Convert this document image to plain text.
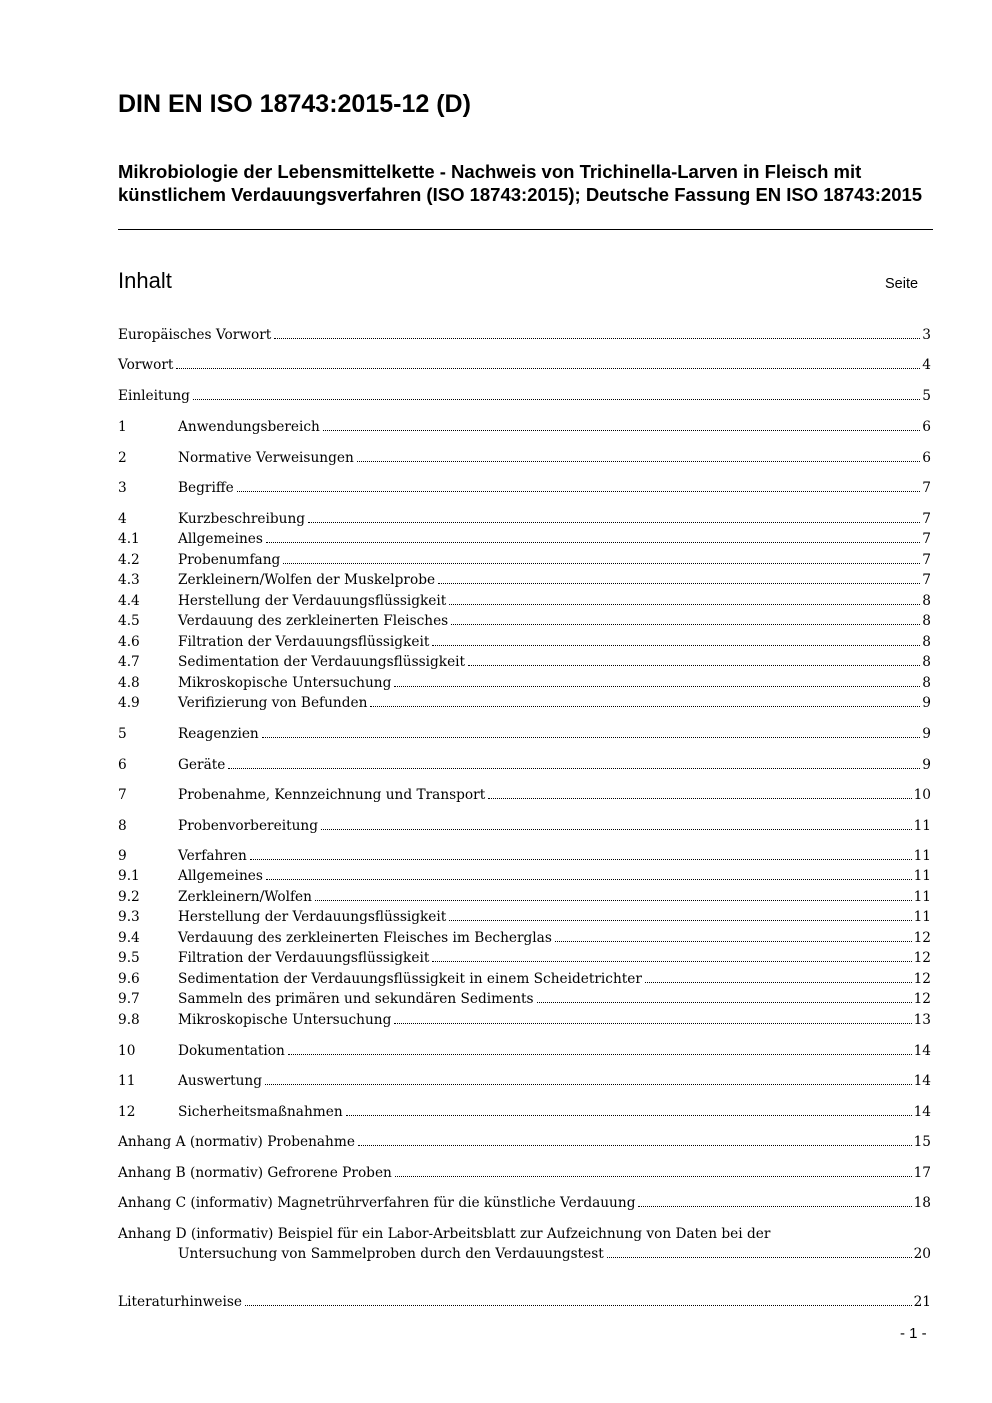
DIN EN ISO 18743:2015-12 (D)

Mikrobiologie der Lebensmittelkette - Nachweis von Trichinella-Larven in Fleisch mit künstlichem Verdauungsverfahren (ISO 18743:2015); Deutsche Fassung EN ISO 18743:2015

Inhalt	Seite
Europäisches Vorwort	3
Vorwort	4
Einleitung	5
1	Anwendungsbereich	6
2	Normative Verweisungen	6
3	Begriffe	7
4	Kurzbeschreibung	7
4.1	Allgemeines	7
4.2	Probenumfang	7
4.3	Zerkleinern/Wolfen der Muskelprobe	7
4.4	Herstellung der Verdauungsflüssigkeit	8
4.5	Verdauung des zerkleinerten Fleisches	8
4.6	Filtration der Verdauungsflüssigkeit	8
4.7	Sedimentation der Verdauungsflüssigkeit	8
4.8	Mikroskopische Untersuchung	8
4.9	Verifizierung von Befunden	9
5	Reagenzien	9
6	Geräte	9
7	Probenahme, Kennzeichnung und Transport	10
8	Probenvorbereitung	11
9	Verfahren	11
9.1	Allgemeines	11
9.2	Zerkleinern/Wolfen	11
9.3	Herstellung der Verdauungsflüssigkeit	11
9.4	Verdauung des zerkleinerten Fleisches im Becherglas	12
9.5	Filtration der Verdauungsflüssigkeit	12
9.6	Sedimentation der Verdauungsflüssigkeit in einem Scheidetrichter	12
9.7	Sammeln des primären und sekundären Sediments	12
9.8	Mikroskopische Untersuchung	13
10	Dokumentation	14
11	Auswertung	14
12	Sicherheitsmaßnahmen	14
Anhang A (normativ) Probenahme	15
Anhang B (normativ) Gefrorene Proben	17
Anhang C (informativ) Magnetrührverfahren für die künstliche Verdauung	18
Anhang D (informativ) Beispiel für ein Labor-Arbeitsblatt zur Aufzeichnung von Daten bei der
Untersuchung von Sammelproben durch den Verdauungstest	20
Literaturhinweise	21
- 1 -
